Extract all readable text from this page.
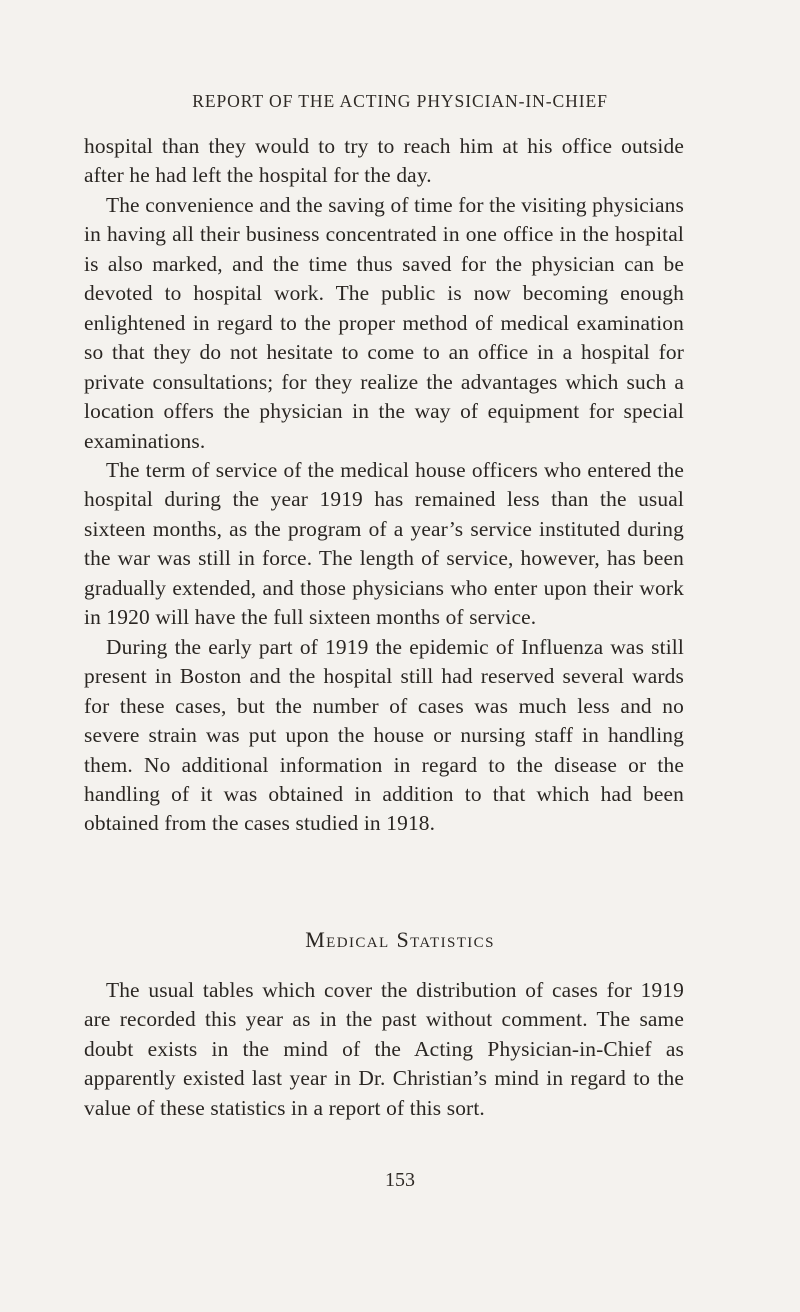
REPORT OF THE ACTING PHYSICIAN-IN-CHIEF

hospital than they would to try to reach him at his office outside after he had left the hospital for the day.

The convenience and the saving of time for the visiting physicians in having all their business concentrated in one office in the hospital is also marked, and the time thus saved for the physician can be devoted to hospital work. The public is now becoming enough enlightened in regard to the proper method of medical examination so that they do not hesitate to come to an office in a hospital for private consultations; for they realize the advantages which such a location offers the physician in the way of equipment for special examinations.

The term of service of the medical house officers who entered the hospital during the year 1919 has remained less than the usual sixteen months, as the program of a year’s service instituted during the war was still in force. The length of service, however, has been gradually extended, and those physicians who enter upon their work in 1920 will have the full sixteen months of service.

During the early part of 1919 the epidemic of Influenza was still present in Boston and the hospital still had reserved several wards for these cases, but the number of cases was much less and no severe strain was put upon the house or nursing staff in handling them. No additional information in regard to the disease or the handling of it was obtained in addition to that which had been obtained from the cases studied in 1918.

Medical Statistics

The usual tables which cover the distribution of cases for 1919 are recorded this year as in the past without comment. The same doubt exists in the mind of the Acting Physician-in-Chief as apparently existed last year in Dr. Christian’s mind in regard to the value of these statistics in a report of this sort.

153
